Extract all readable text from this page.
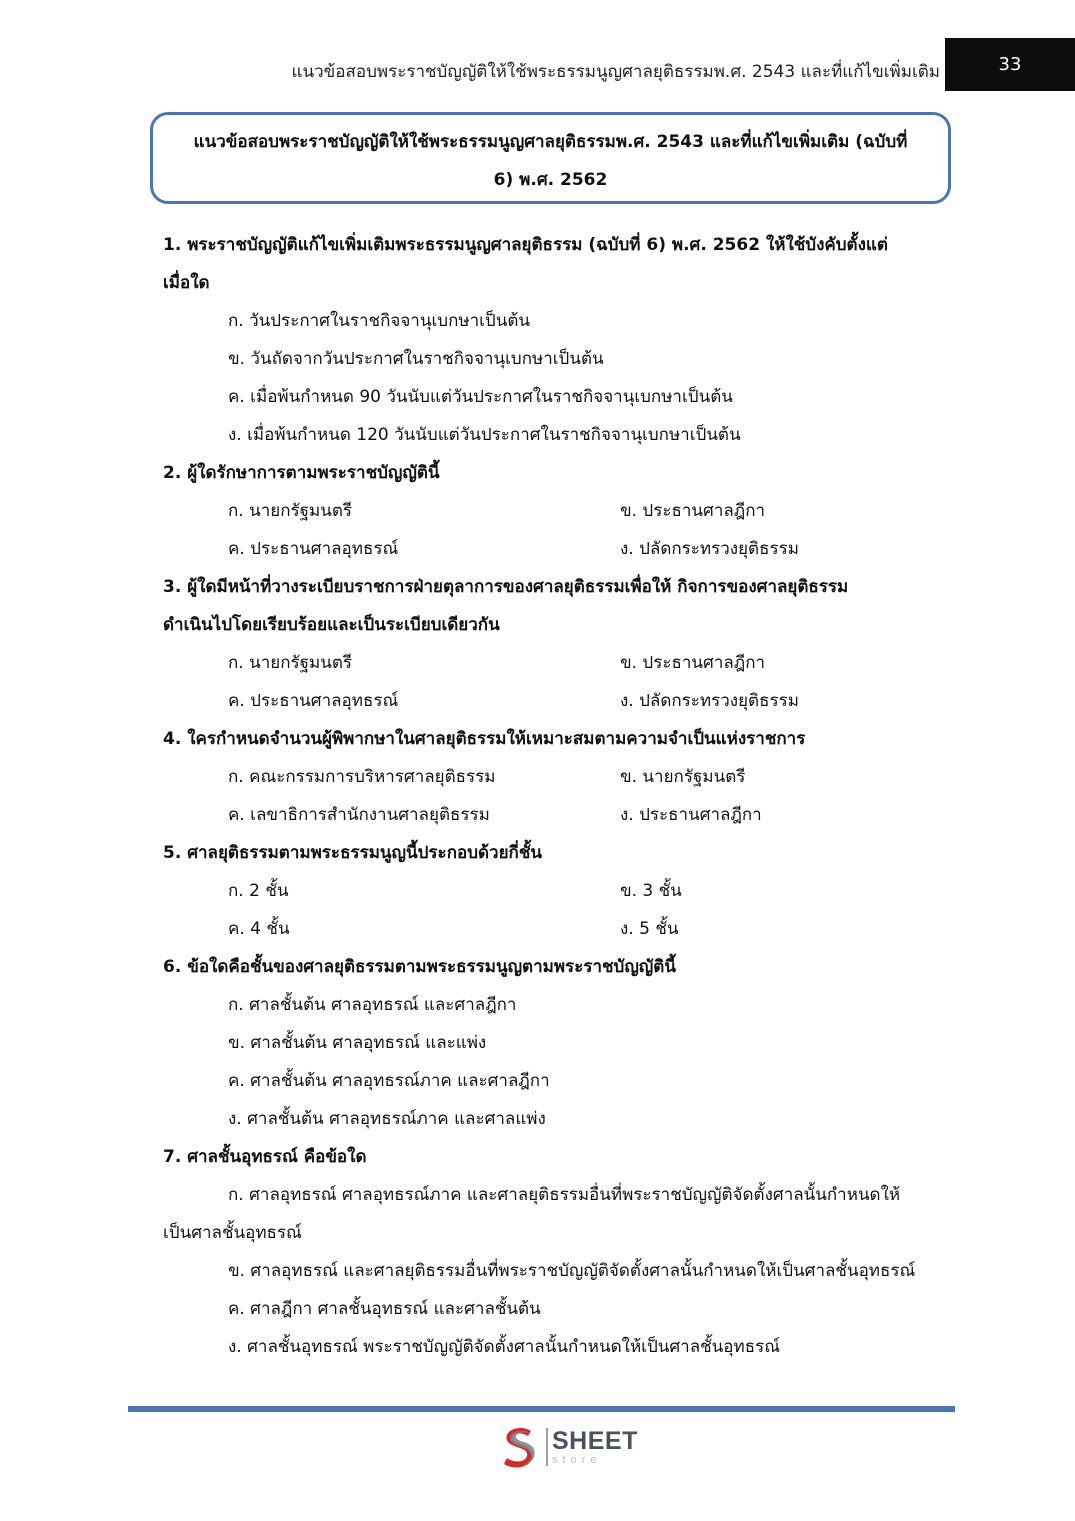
แนวข้อสอบพระราชบัญญัติให้ใช้พระธรรมนูญศาลยุติธรรมพ.ศ. 2543 และที่แก้ไขเพิ่มเติม	33
แนวข้อสอบพระราชบัญญัติให้ใช้พระธรรมนูญศาลยุติธรรมพ.ศ. 2543 และที่แก้ไขเพิ่มเติม (ฉบับที่
6) พ.ศ. 2562
1. พระราชบัญญัติแก้ไขเพิ่มเติมพระธรรมนูญศาลยุติธรรม (ฉบับที่ 6) พ.ศ. 2562 ให้ใช้บังคับตั้งแต่
เมื่อใด
ก. วันประกาศในราชกิจจานุเบกษาเป็นต้น
ข. วันถัดจากวันประกาศในราชกิจจานุเบกษาเป็นต้น
ค. เมื่อพ้นกำหนด 90 วันนับแต่วันประกาศในราชกิจจานุเบกษาเป็นต้น
ง. เมื่อพ้นกำหนด 120 วันนับแต่วันประกาศในราชกิจจานุเบกษาเป็นต้น
2. ผู้ใดรักษาการตามพระราชบัญญัตินี้
ก. นายกรัฐมนตรี	ข. ประธานศาลฎีกา
ค. ประธานศาลอุทธรณ์	ง. ปลัดกระทรวงยุติธรรม
3. ผู้ใดมีหน้าที่วางระเบียบราชการฝ่ายตุลาการของศาลยุติธรรมเพื่อให้ กิจการของศาลยุติธรรม
ดำเนินไปโดยเรียบร้อยและเป็นระเบียบเดียวกัน
ก. นายกรัฐมนตรี	ข. ประธานศาลฎีกา
ค. ประธานศาลอุทธรณ์	ง. ปลัดกระทรวงยุติธรรม
4. ใครกำหนดจำนวนผู้พิพากษาในศาลยุติธรรมให้เหมาะสมตามความจำเป็นแห่งราชการ
ก. คณะกรรมการบริหารศาลยุติธรรม	ข. นายกรัฐมนตรี
ค. เลขาธิการสำนักงานศาลยุติธรรม	ง. ประธานศาลฎีกา
5. ศาลยุติธรรมตามพระธรรมนูญนี้ประกอบด้วยกี่ชั้น
ก. 2 ชั้น	ข. 3 ชั้น
ค. 4 ชั้น	ง. 5 ชั้น
6. ข้อใดคือชั้นของศาลยุติธรรมตามพระธรรมนูญตามพระราชบัญญัตินี้
ก. ศาลชั้นต้น ศาลอุทธรณ์ และศาลฎีกา
ข. ศาลชั้นต้น ศาลอุทธรณ์ และแพ่ง
ค. ศาลชั้นต้น ศาลอุทธรณ์ภาค และศาลฎีกา
ง. ศาลชั้นต้น ศาลอุทธรณ์ภาค และศาลแพ่ง
7. ศาลชั้นอุทธรณ์ คือข้อใด
ก. ศาลอุทธรณ์ ศาลอุทธรณ์ภาค และศาลยุติธรรมอื่นที่พระราชบัญญัติจัดตั้งศาลนั้นกำหนดให้
เป็นศาลชั้นอุทธรณ์
ข. ศาลอุทธรณ์ และศาลยุติธรรมอื่นที่พระราชบัญญัติจัดตั้งศาลนั้นกำหนดให้เป็นศาลชั้นอุทธรณ์
ค. ศาลฎีกา ศาลชั้นอุทธรณ์ และศาลชั้นต้น
ง. ศาลชั้นอุทธรณ์ พระราชบัญญัติจัดตั้งศาลนั้นกำหนดให้เป็นศาลชั้นอุทธรณ์
SHEET
store
